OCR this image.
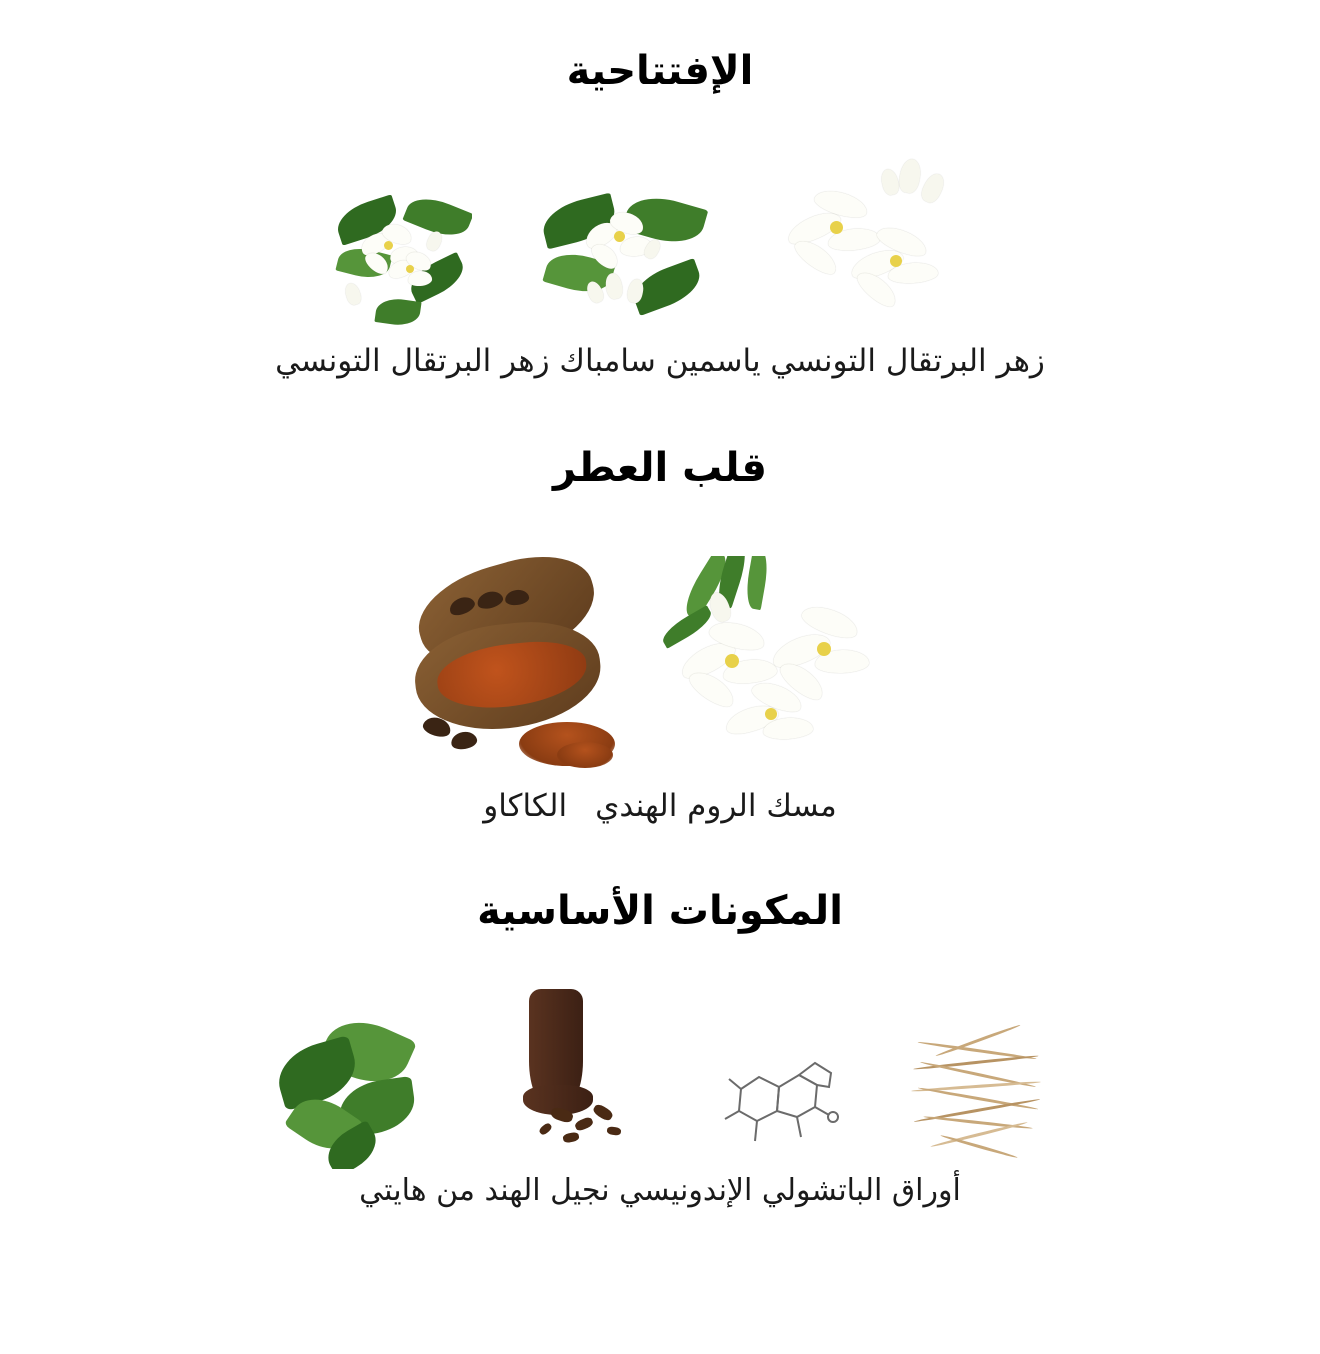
الإفتتاحية
زهر البرتقال التونسي ياسمين سامباك زهر البرتقال التونسي
قلب العطر
مسك الروم الهنديالكاكاو
المكونات الأساسية
أوراق الباتشولي الإندونيسي نجيل الهند من هايتي
